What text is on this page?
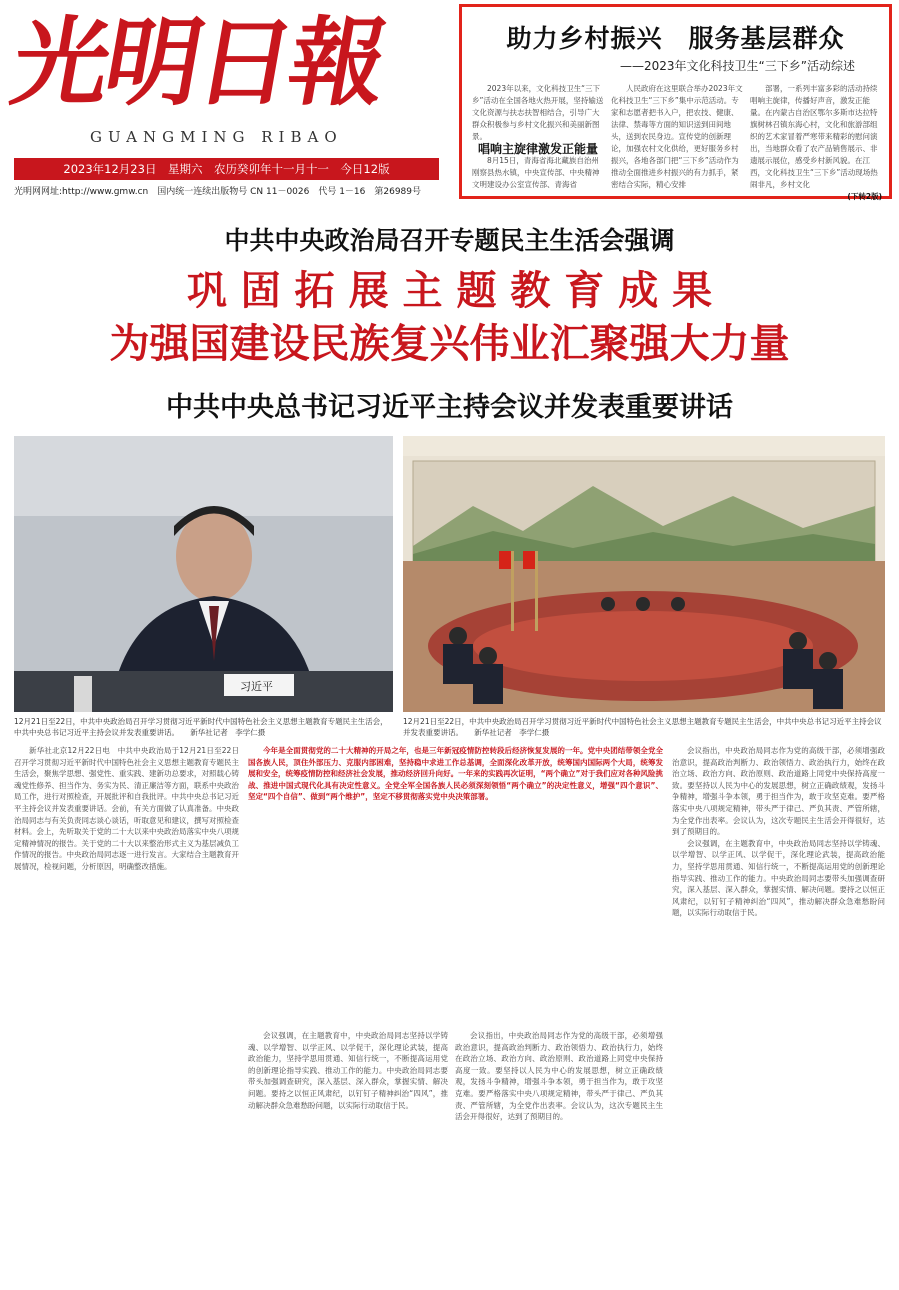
光明日報
GUANGMING RIBAO
2023年12月23日　星期六　农历癸卯年十一月十一　今日12版
光明网网址:http://www.gmw.cn　国内统一连续出版物号 CN 11－0026　代号 1－16　第26989号
助力乡村振兴　服务基层群众
——2023年文化科技卫生“三下乡”活动综述

2023年以来，文化科技卫生“三下乡”活动在全国各地火热开展，坚持输送文化资源与扶志扶智相结合，引导广大群众积极参与乡村文化振兴和美丽新图景。

唱响主旋律激发正能量

8月15日，青海省海北藏族自治州刚察县热水镇，中央宣传部、中央精神文明建设办公室宣传部、青海省

人民政府在这里联合举办2023年文化科技卫生“三下乡”集中示范活动。专家和志愿者把书入户，把农技、健康、法律、禁毒等方面的知识送到田间地头，送到农民身边。宣传党的创新理论，加强农村文化供给，更好服务乡村振兴，各地各部门把“三下乡”活动作为推动全面推进乡村振兴的有力抓手，紧密结合实际，精心安排

部署，一系列丰富多彩的活动持续唱响主旋律，传播好声音，激发正能量。在内蒙古自治区鄂尔多斯市达拉特旗树林召镇东海心村，文化和旅游部组织的艺术家冒着严寒带来精彩的慰问演出，当地群众看了农产品销售展示、非遗展示展位，感受乡村新风貌。在江西，文化科技卫生“三下乡”活动现场热闹非凡，乡村文化

(下转2版)

中共中央政治局召开专题民主生活会强调
巩 固 拓 展 主 题 教 育 成 果
为强国建设民族复兴伟业汇聚强大力量
中共中央总书记习近平主持会议并发表重要讲话
习近平
12月21日至22日，中共中央政治局召开学习贯彻习近平新时代中国特色社会主义思想主题教育专题民主生活会，中共中央总书记习近平主持会议并发表重要讲话。　　新华社记者　李学仁摄
12月21日至22日，中共中央政治局召开学习贯彻习近平新时代中国特色社会主义思想主题教育专题民主生活会，中共中央总书记习近平主持会议并发表重要讲话。　　新华社记者　李学仁摄

新华社北京12月22日电　中共中央政治局于12月21日至22日召开学习贯彻习近平新时代中国特色社会主义思想主题教育专题民主生活会，聚焦学思想、强党性、重实践、建新功总要求，对照载心铸魂党性修养、担当作为、务实为民、清正廉洁等方面，联系中央政治局工作，进行对照检查，开展批评和自我批评。中共中央总书记习近平主持会议并发表重要讲话。会前，有关方面做了认真准备。中央政治局同志与有关负责同志谈心谈话，听取意见和建议，撰写对照检查材料。会上，先听取关于党的二十大以来中央政治局落实中央八项规定精神情况的报告。关于党的二十大以来整治形式主义为基层减负工作情况的报告。中央政治局同志逐一进行发言。大家结合主题教育开展情况，检视问题，分析原因，明确整改措施。

今年是全面贯彻党的二十大精神的开局之年，也是三年新冠疫情防控转段后经济恢复发展的一年。党中央团结带领全党全国各族人民，顶住外部压力、克服内部困难，坚持稳中求进工作总基调，全面深化改革开放，统筹国内国际两个大局，统筹发展和安全，统筹疫情防控和经济社会发展，推动经济回升向好。一年来的实践再次证明，“两个确立”对于我们应对各种风险挑战、推进中国式现代化具有决定性意义。全党全军全国各族人民必须深刻领悟“两个确立”的决定性意义，增强“四个意识”、坚定“四个自信”、做到“两个维护”，坚定不移贯彻落实党中央决策部署。

会议强调，在主题教育中，中央政治局同志坚持以学铸魂、以学增智、以学正风、以学促干，深化理论武装，提高政治能力，坚持学思用贯通、知信行统一，不断提高运用党的创新理论指导实践、推动工作的能力。中央政治局同志要带头加强调查研究，深入基层、深入群众，掌握实情、解决问题。要持之以恒正风肃纪，以钉钉子精神纠治“四风”，推动解决群众急难愁盼问题，以实际行动取信于民。

会议指出，中央政治局同志作为党的高级干部，必须增强政治意识，提高政治判断力、政治领悟力、政治执行力，始终在政治立场、政治方向、政治原则、政治道路上同党中央保持高度一致。要坚持以人民为中心的发展思想，树立正确政绩观，发扬斗争精神，增强斗争本领，勇于担当作为，敢于攻坚克难。要严格落实中央八项规定精神，带头严于律己、严负其责、严管所辖，为全党作出表率。会议认为，这次专题民主生活会开得很好，达到了预期目的。

会议指出，中央政治局同志作为党的高级干部，必须增强政治意识，提高政治判断力、政治领悟力、政治执行力，始终在政治立场、政治方向、政治原则、政治道路上同党中央保持高度一致。要坚持以人民为中心的发展思想，树立正确政绩观，发扬斗争精神，增强斗争本领，勇于担当作为，敢于攻坚克难。要严格落实中央八项规定精神，带头严于律己、严负其责、严管所辖，为全党作出表率。会议认为，这次专题民主生活会开得很好，达到了预期目的。

会议强调，在主题教育中，中央政治局同志坚持以学铸魂、以学增智、以学正风、以学促干，深化理论武装，提高政治能力，坚持学思用贯通、知信行统一，不断提高运用党的创新理论指导实践、推动工作的能力。中央政治局同志要带头加强调查研究，深入基层、深入群众，掌握实情、解决问题。要持之以恒正风肃纪，以钉钉子精神纠治“四风”，推动解决群众急难愁盼问题，以实际行动取信于民。
